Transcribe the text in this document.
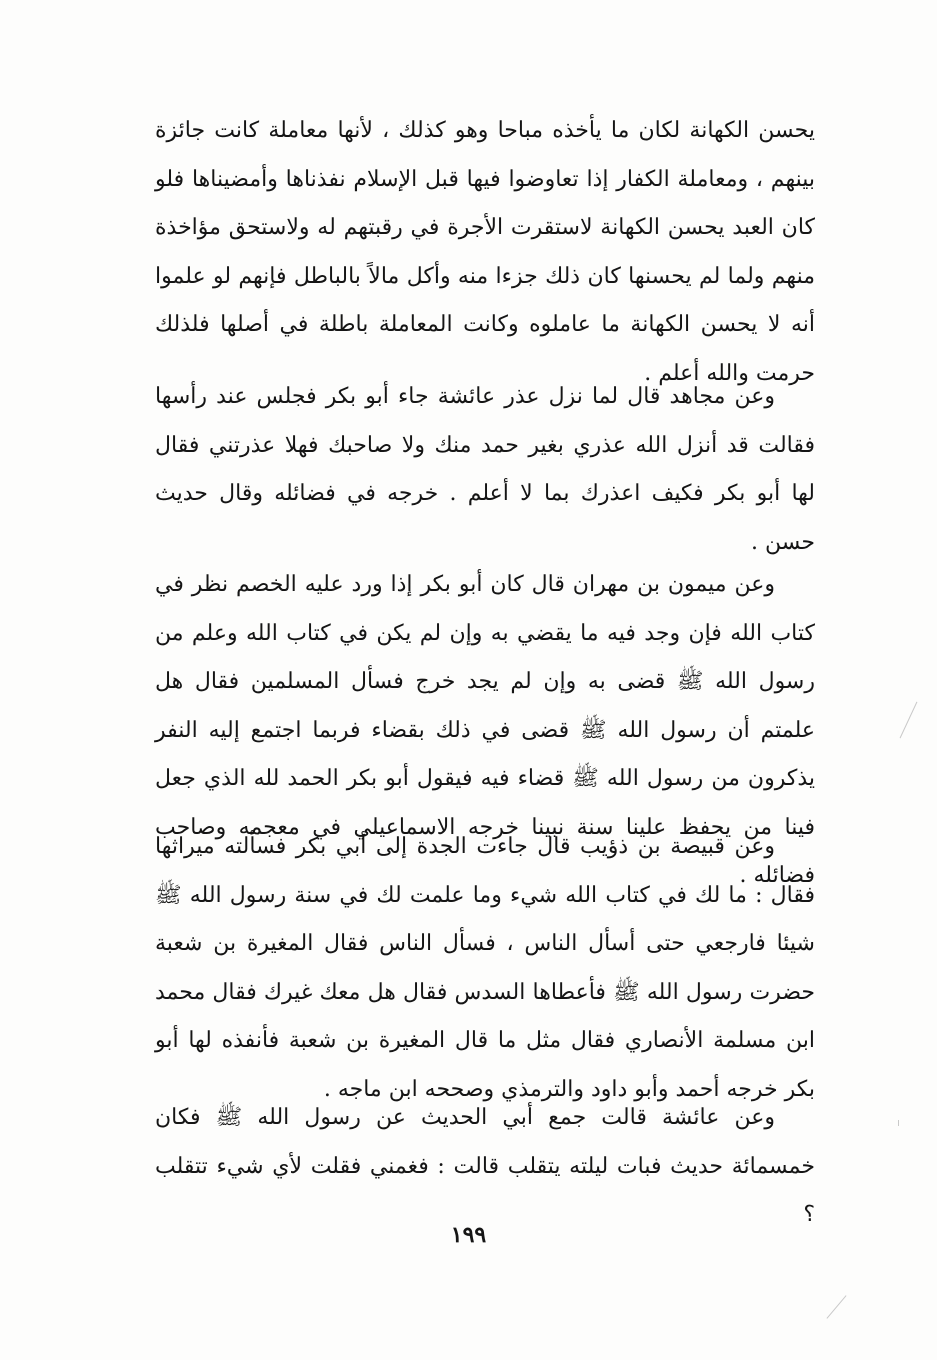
يحسن الكهانة لكان ما يأخذه مباحا وهو كذلك ، لأنها معاملة كانت جائزة بينهم ، ومعاملة الكفار إذا تعاوضوا فيها قبل الإسلام نفذناها وأمضيناها فلو كان العبد يحسن الكهانة لاستقرت الأجرة في رقبتهم له ولاستحق مؤاخذة منهم ولما لم يحسنها كان ذلك جزءا منه وأكل مالاً بالباطل فإنهم لو علموا أنه لا يحسن الكهانة ما عاملوه وكانت المعاملة باطلة في أصلها فلذلك حرمت والله أعلم .

وعن مجاهد قال لما نزل عذر عائشة جاء أبو بكر فجلس عند رأسها فقالت قد أنزل الله عذري بغير حمد منك ولا صاحبك فهلا عذرتني فقال لها أبو بكر فكيف اعذرك بما لا أعلم . خرجه في فضائله وقال حديث حسن .

وعن ميمون بن مهران قال كان أبو بكر إذا ورد عليه الخصم نظر في كتاب الله فإن وجد فيه ما يقضي به وإن لم يكن في كتاب الله وعلم من رسول الله ﷺ قضى به وإن لم يجد خرج فسأل المسلمين فقال هل علمتم أن رسول الله ﷺ قضى في ذلك بقضاء فربما اجتمع إليه النفر يذكرون من رسول الله ﷺ قضاء فيه فيقول أبو بكر الحمد لله الذي جعل فينا من يحفظ علينا سنة نبينا خرجه الاسماعيلي في معجمه وصاحب فضائله .

وعن قبيصة بن ذؤيب قال جاءت الجدة إلى أبي بكر فسألته ميراثها فقال : ما لك في كتاب الله شيء وما علمت لك في سنة رسول الله ﷺ شيئا فارجعي حتى أسأل الناس ، فسأل الناس فقال المغيرة بن شعبة حضرت رسول الله ﷺ فأعطاها السدس فقال هل معك غيرك فقال محمد ابن مسلمة الأنصاري فقال مثل ما قال المغيرة بن شعبة فأنفذه لها أبو بكر خرجه أحمد وأبو داود والترمذي وصححه ابن ماجه .

وعن عائشة قالت جمع أبي الحديث عن رسول الله ﷺ فكان خمسمائة حديث فبات ليلته يتقلب قالت : فغمني فقلت لأي شيء تتقلب ؟

١٩٩
